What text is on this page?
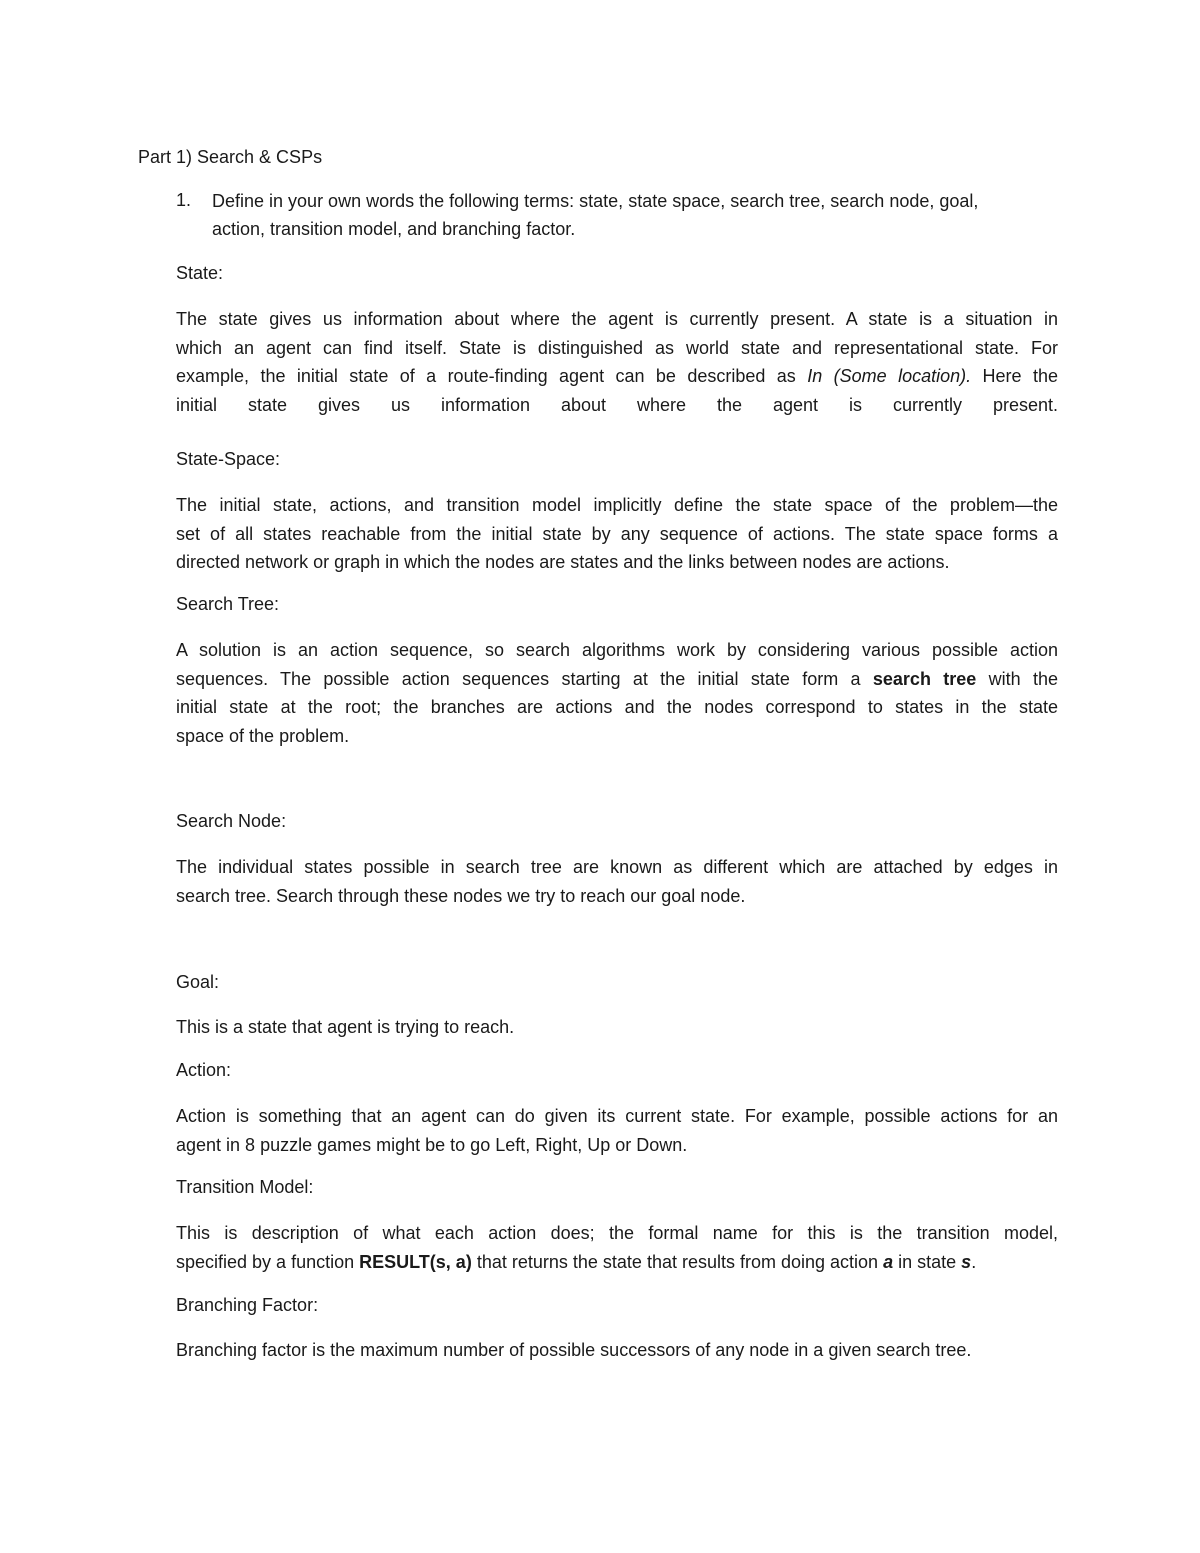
Part 1) Search & CSPs
1. Define in your own words the following terms: state, state space, search tree, search node, goal,
action, transition model, and branching factor.
State:
The state gives us information about where the agent is currently present. A state is a situation in
which an agent can find itself. State is distinguished as world state and representational state. For
example, the initial state of a route-finding agent can be described as In (Some location). Here the
initial state gives us information about where the agent is currently present.
State-Space:
The initial state, actions, and transition model implicitly define the state space of the problem—the
set of all states reachable from the initial state by any sequence of actions. The state space forms a
directed network or graph in which the nodes are states and the links between nodes are actions.
Search Tree:
A solution is an action sequence, so search algorithms work by considering various possible action
sequences. The possible action sequences starting at the initial state form a search tree with the
initial state at the root; the branches are actions and the nodes correspond to states in the state
space of the problem.
Search Node:
The individual states possible in search tree are known as different which are attached by edges in
search tree. Search through these nodes we try to reach our goal node.
Goal:
This is a state that agent is trying to reach.
Action:
Action is something that an agent can do given its current state. For example, possible actions for an
agent in 8 puzzle games might be to go Left, Right, Up or Down.
Transition Model:
This is description of what each action does; the formal name for this is the transition model,
specified by a function RESULT(s, a) that returns the state that results from doing action a in state s.
Branching Factor:
Branching factor is the maximum number of possible successors of any node in a given search tree.
